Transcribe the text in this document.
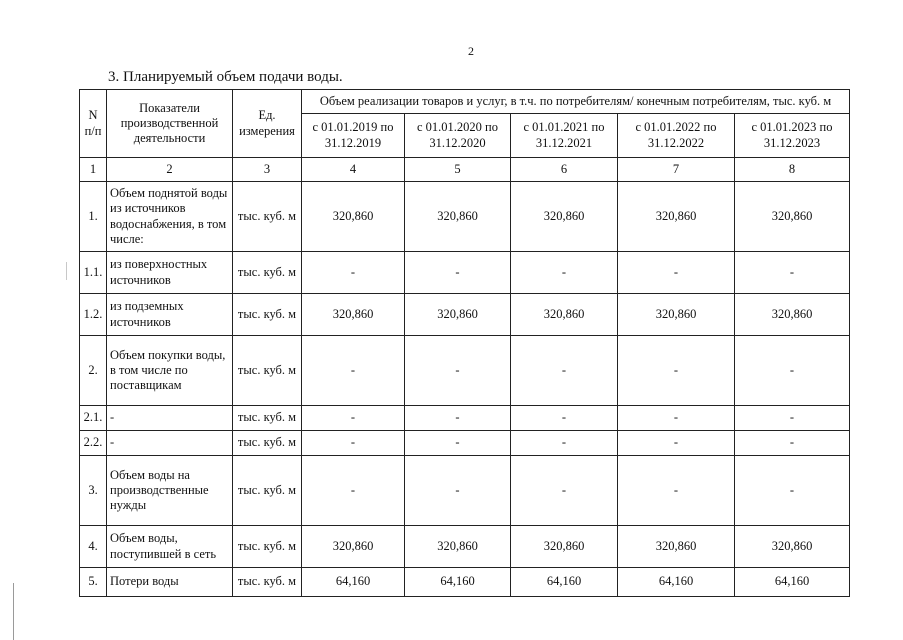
2
3. Планируемый объем подачи воды.
N п/п	Показатели производственной деятельности	Ед. измерения	Объем реализации товаров и услуг, в т.ч. по потребителям/ конечным потребителям, тыс. куб. м				
			с 01.01.2019 по 31.12.2019	с 01.01.2020 по 31.12.2020	с 01.01.2021 по 31.12.2021	с 01.01.2022 по 31.12.2022	с 01.01.2023 по 31.12.2023
1	2	3	4	5	6	7	8
1.	Объем поднятой воды из источников водоснабжения, в том числе:	тыс. куб. м	320,860	320,860	320,860	320,860	320,860
1.1.	из поверхностных источников	тыс. куб. м	-	-	-	-	-
1.2.	из подземных источников	тыс. куб. м	320,860	320,860	320,860	320,860	320,860
2.	Объем покупки воды, в том числе по поставщикам	тыс. куб. м	-	-	-	-	-
2.1.	-	тыс. куб. м	-	-	-	-	-
2.2.	-	тыс. куб. м	-	-	-	-	-
3.	Объем воды на производственные нужды	тыс. куб. м	-	-	-	-	-
4.	Объем воды, поступившей в сеть	тыс. куб. м	320,860	320,860	320,860	320,860	320,860
5.	Потери воды	тыс. куб. м	64,160	64,160	64,160	64,160	64,160
